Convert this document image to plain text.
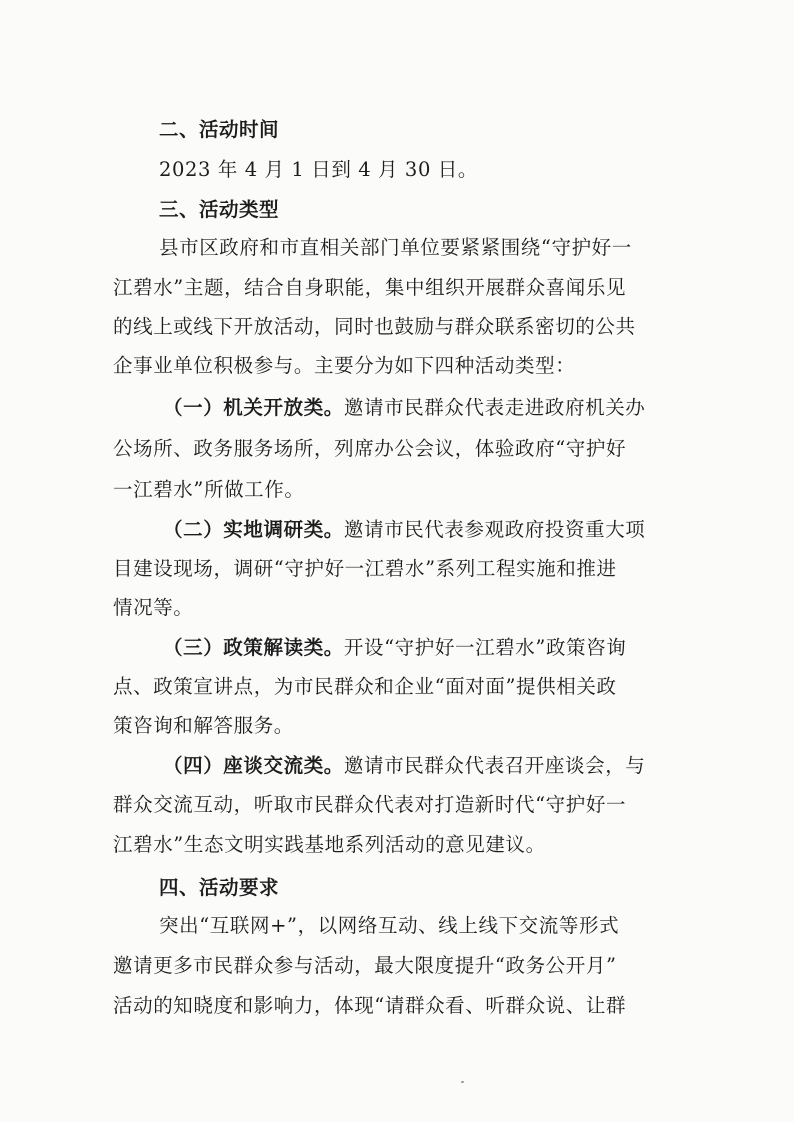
二、活动时间
2023 年 4 月 1 日到 4 月 30 日。
三、活动类型
县市区政府和市直相关部门单位要紧紧围绕“守护好一
江碧水”主题，结合自身职能，集中组织开展群众喜闻乐见
的线上或线下开放活动，同时也鼓励与群众联系密切的公共
企事业单位积极参与。主要分为如下四种活动类型：
（一）机关开放类。邀请市民群众代表走进政府机关办
公场所、政务服务场所，列席办公会议，体验政府“守护好
一江碧水”所做工作。
（二）实地调研类。邀请市民代表参观政府投资重大项
目建设现场，调研“守护好一江碧水”系列工程实施和推进
情况等。
（三）政策解读类。开设“守护好一江碧水”政策咨询
点、政策宣讲点，为市民群众和企业“面对面”提供相关政
策咨询和解答服务。
（四）座谈交流类。邀请市民群众代表召开座谈会，与
群众交流互动，听取市民群众代表对打造新时代“守护好一
江碧水”生态文明实践基地系列活动的意见建议。
四、活动要求
突出“互联网+”，以网络互动、线上线下交流等形式
邀请更多市民群众参与活动，最大限度提升“政务公开月”
活动的知晓度和影响力，体现“请群众看、听群众说、让群
